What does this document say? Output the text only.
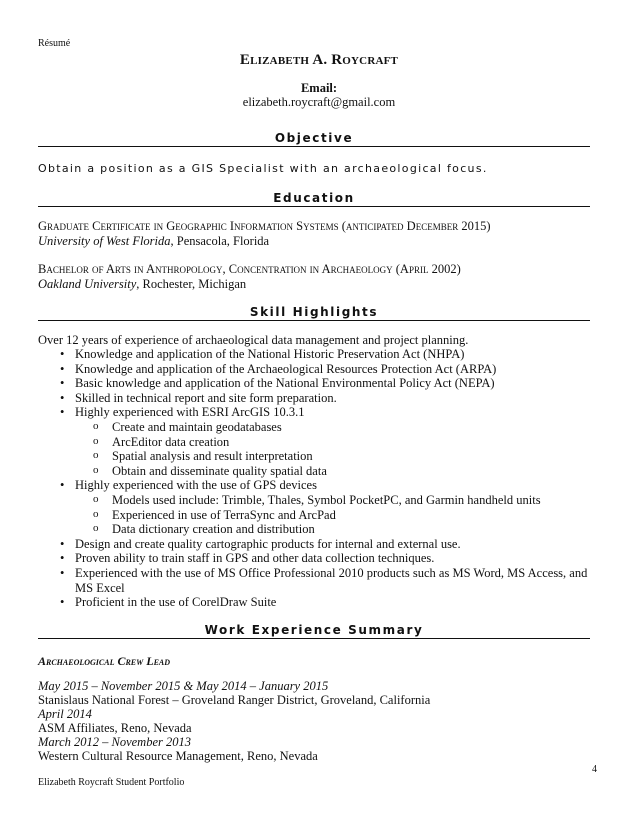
Résumé
Elizabeth A. Roycraft
Email:
elizabeth.roycraft@gmail.com
Objective
Obtain a position as a GIS Specialist with an archaeological focus.
Education
Graduate Certificate in Geographic Information Systems (anticipated December 2015)
University of West Florida, Pensacola, Florida
Bachelor of Arts in Anthropology, Concentration in Archaeology (April 2002)
Oakland University, Rochester, Michigan
Skill Highlights
Over 12 years of experience of archaeological data management and project planning.
• Knowledge and application of the National Historic Preservation Act (NHPA)
• Knowledge and application of the Archaeological Resources Protection Act (ARPA)
• Basic knowledge and application of the National Environmental Policy Act (NEPA)
• Skilled in technical report and site form preparation.
• Highly experienced with ESRI ArcGIS 10.3.1
o Create and maintain geodatabases
o ArcEditor data creation
o Spatial analysis and result interpretation
o Obtain and disseminate quality spatial data
• Highly experienced with the use of GPS devices
o Models used include: Trimble, Thales, Symbol PocketPC, and Garmin handheld units
o Experienced in use of TerraSync and ArcPad
o Data dictionary creation and distribution
• Design and create quality cartographic products for internal and external use.
• Proven ability to train staff in GPS and other data collection techniques.
• Experienced with the use of MS Office Professional 2010 products such as MS Word, MS Access, and
MS Excel
• Proficient in the use of CorelDraw Suite
Work Experience Summary
Archaeological Crew Lead
May 2015 – November 2015 & May 2014 – January 2015
Stanislaus National Forest – Groveland Ranger District, Groveland, California
April 2014
ASM Affiliates, Reno, Nevada
March 2012 – November 2013
Western Cultural Resource Management, Reno, Nevada
4
Elizabeth Roycraft Student Portfolio
